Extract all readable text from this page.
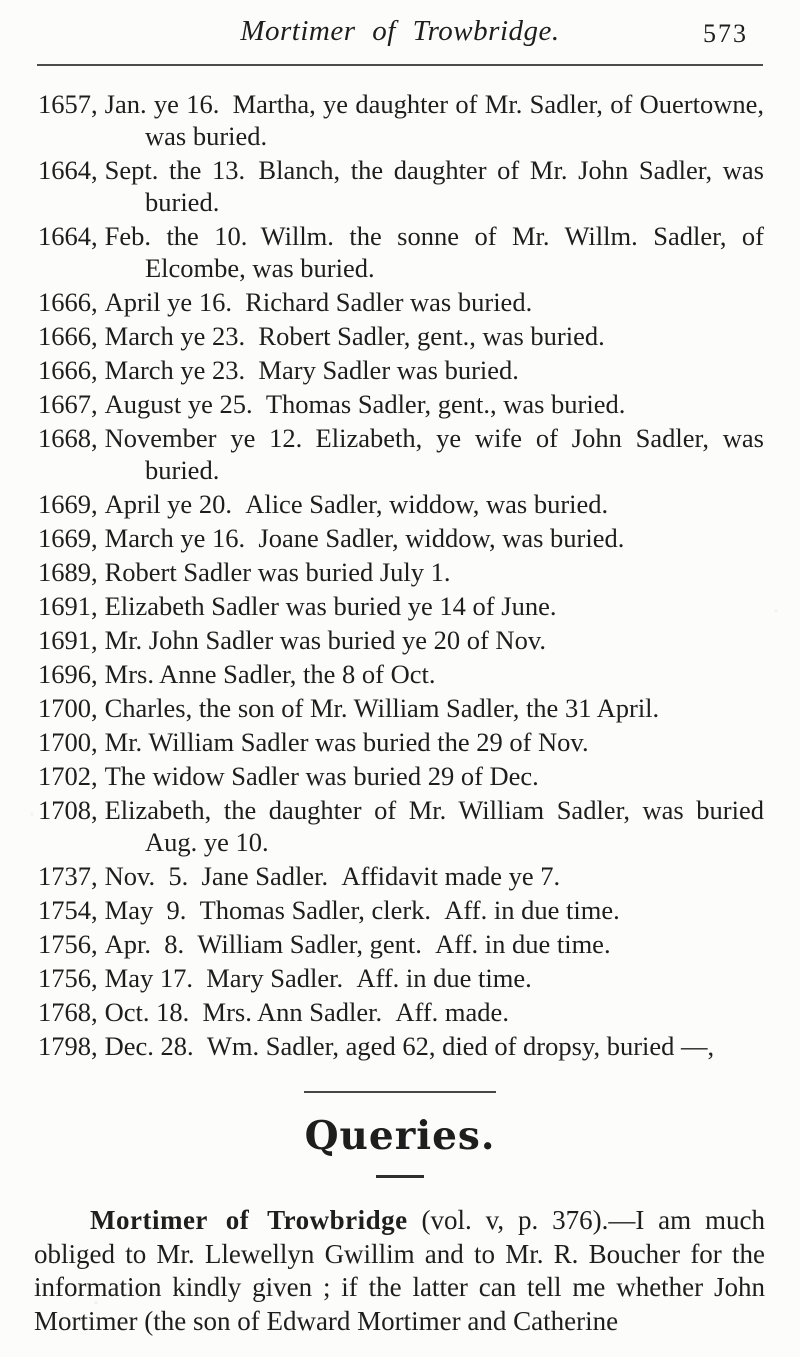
Mortimer of Trowbridge.	573

1657, Jan. ye 16. Martha, ye daughter of Mr. Sadler, of Ouertowne, was buried.

1664, Sept. the 13. Blanch, the daughter of Mr. John Sadler, was buried.

1664, Feb. the 10. Willm. the sonne of Mr. Willm. Sadler, of Elcombe, was buried.

1666, April ye 16. Richard Sadler was buried.

1666, March ye 23. Robert Sadler, gent., was buried.

1666, March ye 23. Mary Sadler was buried.

1667, August ye 25. Thomas Sadler, gent., was buried.

1668, November ye 12. Elizabeth, ye wife of John Sadler, was buried.

1669, April ye 20. Alice Sadler, widdow, was buried.

1669, March ye 16. Joane Sadler, widdow, was buried.

1689, Robert Sadler was buried July 1.

1691, Elizabeth Sadler was buried ye 14 of June.

1691, Mr. John Sadler was buried ye 20 of Nov.

1696, Mrs. Anne Sadler, the 8 of Oct.

1700, Charles, the son of Mr. William Sadler, the 31 April.

1700, Mr. William Sadler was buried the 29 of Nov.

1702, The widow Sadler was buried 29 of Dec.

1708, Elizabeth, the daughter of Mr. William Sadler, was buried Aug. ye 10.

1737, Nov. 5. Jane Sadler. Affidavit made ye 7.

1754, May 9. Thomas Sadler, clerk. Aff. in due time.

1756, Apr. 8. William Sadler, gent. Aff. in due time.

1756, May 17. Mary Sadler. Aff. in due time.

1768, Oct. 18. Mrs. Ann Sadler. Aff. made.

1798, Dec. 28. Wm. Sadler, aged 62, died of dropsy, buried —,

Queries.

Mortimer of Trowbridge (vol. v, p. 376).—I am much obliged to Mr. Llewellyn Gwillim and to Mr. R. Boucher for the information kindly given ; if the latter can tell me whether John Mortimer (the son of Edward Mortimer and Catherine
